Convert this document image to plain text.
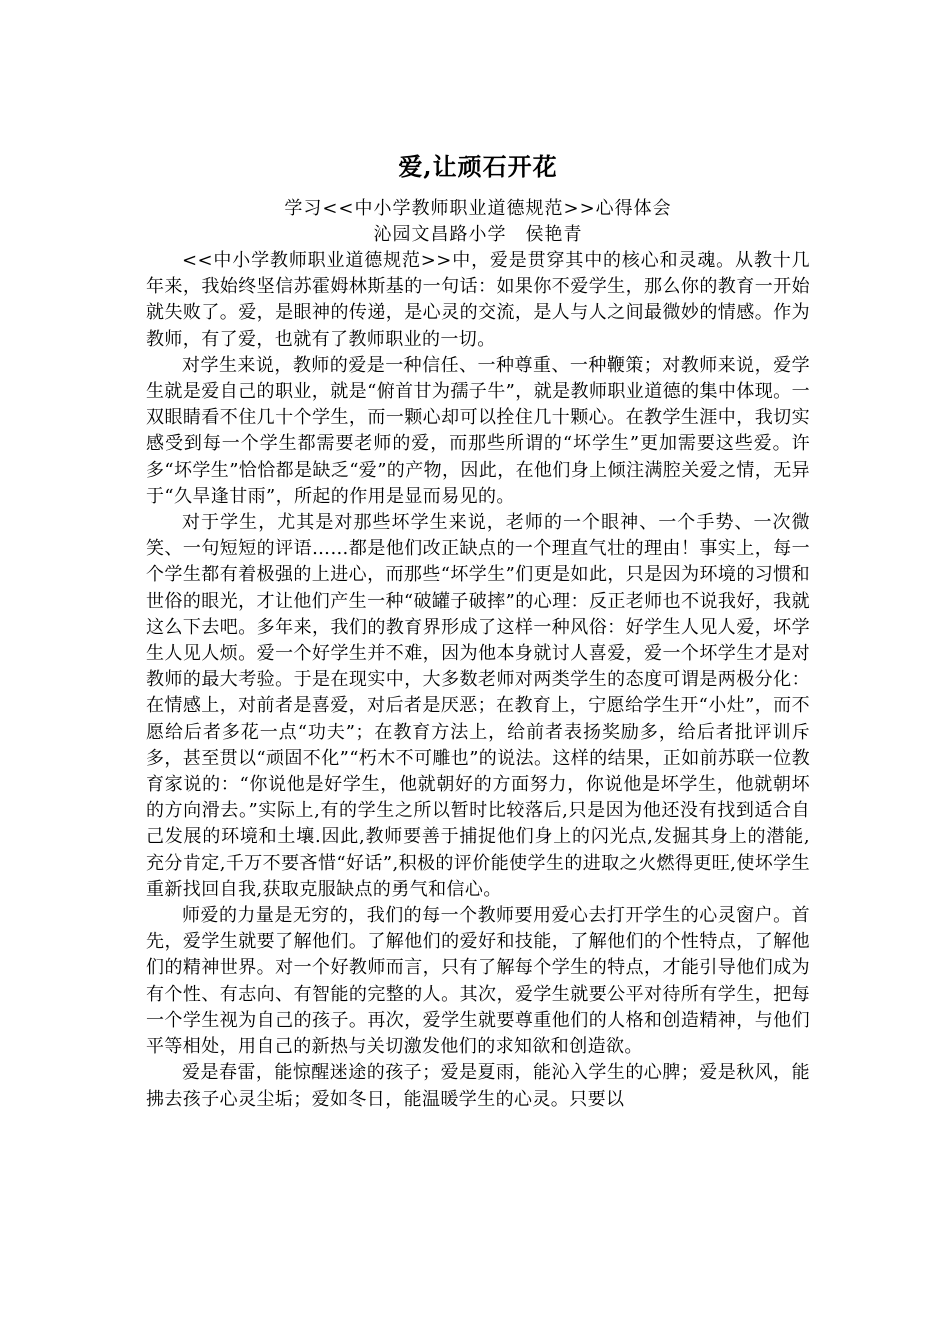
爱,让顽石开花

学习<<中小学教师职业道德规范>>心得体会

沁园文昌路小学　侯艳青

<<中小学教师职业道德规范>>中，爱是贯穿其中的核心和灵魂。从教十几年来，我始终坚信苏霍姆林斯基的一句话：如果你不爱学生，那么你的教育一开始就失败了。爱，是眼神的传递，是心灵的交流，是人与人之间最微妙的情感。作为教师，有了爱，也就有了教师职业的一切。

对学生来说，教师的爱是一种信任、一种尊重、一种鞭策；对教师来说，爱学生就是爱自己的职业，就是“俯首甘为孺子牛”，就是教师职业道德的集中体现。一双眼睛看不住几十个学生，而一颗心却可以拴住几十颗心。在教学生涯中，我切实感受到每一个学生都需要老师的爱，而那些所谓的“坏学生”更加需要这些爱。许多“坏学生”恰恰都是缺乏“爱”的产物，因此，在他们身上倾注满腔关爱之情，无异于“久旱逢甘雨”，所起的作用是显而易见的。

对于学生，尤其是对那些坏学生来说，老师的一个眼神、一个手势、一次微笑、一句短短的评语……都是他们改正缺点的一个理直气壮的理由！事实上，每一个学生都有着极强的上进心，而那些“坏学生”们更是如此，只是因为环境的习惯和世俗的眼光，才让他们产生一种“破罐子破摔”的心理：反正老师也不说我好，我就这么下去吧。多年来，我们的教育界形成了这样一种风俗：好学生人见人爱，坏学生人见人烦。爱一个好学生并不难，因为他本身就讨人喜爱，爱一个坏学生才是对教师的最大考验。于是在现实中，大多数老师对两类学生的态度可谓是两极分化：在情感上，对前者是喜爱，对后者是厌恶；在教育上，宁愿给学生开“小灶”，而不愿给后者多花一点“功夫”；在教育方法上，给前者表扬奖励多，给后者批评训斥多，甚至贯以“顽固不化”“朽木不可雕也”的说法。这样的结果，正如前苏联一位教育家说的：“你说他是好学生，他就朝好的方面努力，你说他是坏学生，他就朝坏的方向滑去。”实际上,有的学生之所以暂时比较落后,只是因为他还没有找到适合自己发展的环境和土壤.因此,教师要善于捕捉他们身上的闪光点,发掘其身上的潜能,充分肯定,千万不要吝惜“好话”,积极的评价能使学生的进取之火燃得更旺,使坏学生重新找回自我,获取克服缺点的勇气和信心。

师爱的力量是无穷的，我们的每一个教师要用爱心去打开学生的心灵窗户。首先，爱学生就要了解他们。了解他们的爱好和技能，了解他们的个性特点，了解他们的精神世界。对一个好教师而言，只有了解每个学生的特点，才能引导他们成为有个性、有志向、有智能的完整的人。其次，爱学生就要公平对待所有学生，把每一个学生视为自己的孩子。再次，爱学生就要尊重他们的人格和创造精神，与他们平等相处，用自己的新热与关切激发他们的求知欲和创造欲。

爱是春雷，能惊醒迷途的孩子；爱是夏雨，能沁入学生的心脾；爱是秋风，能拂去孩子心灵尘垢；爱如冬日，能温暖学生的心灵。只要以
